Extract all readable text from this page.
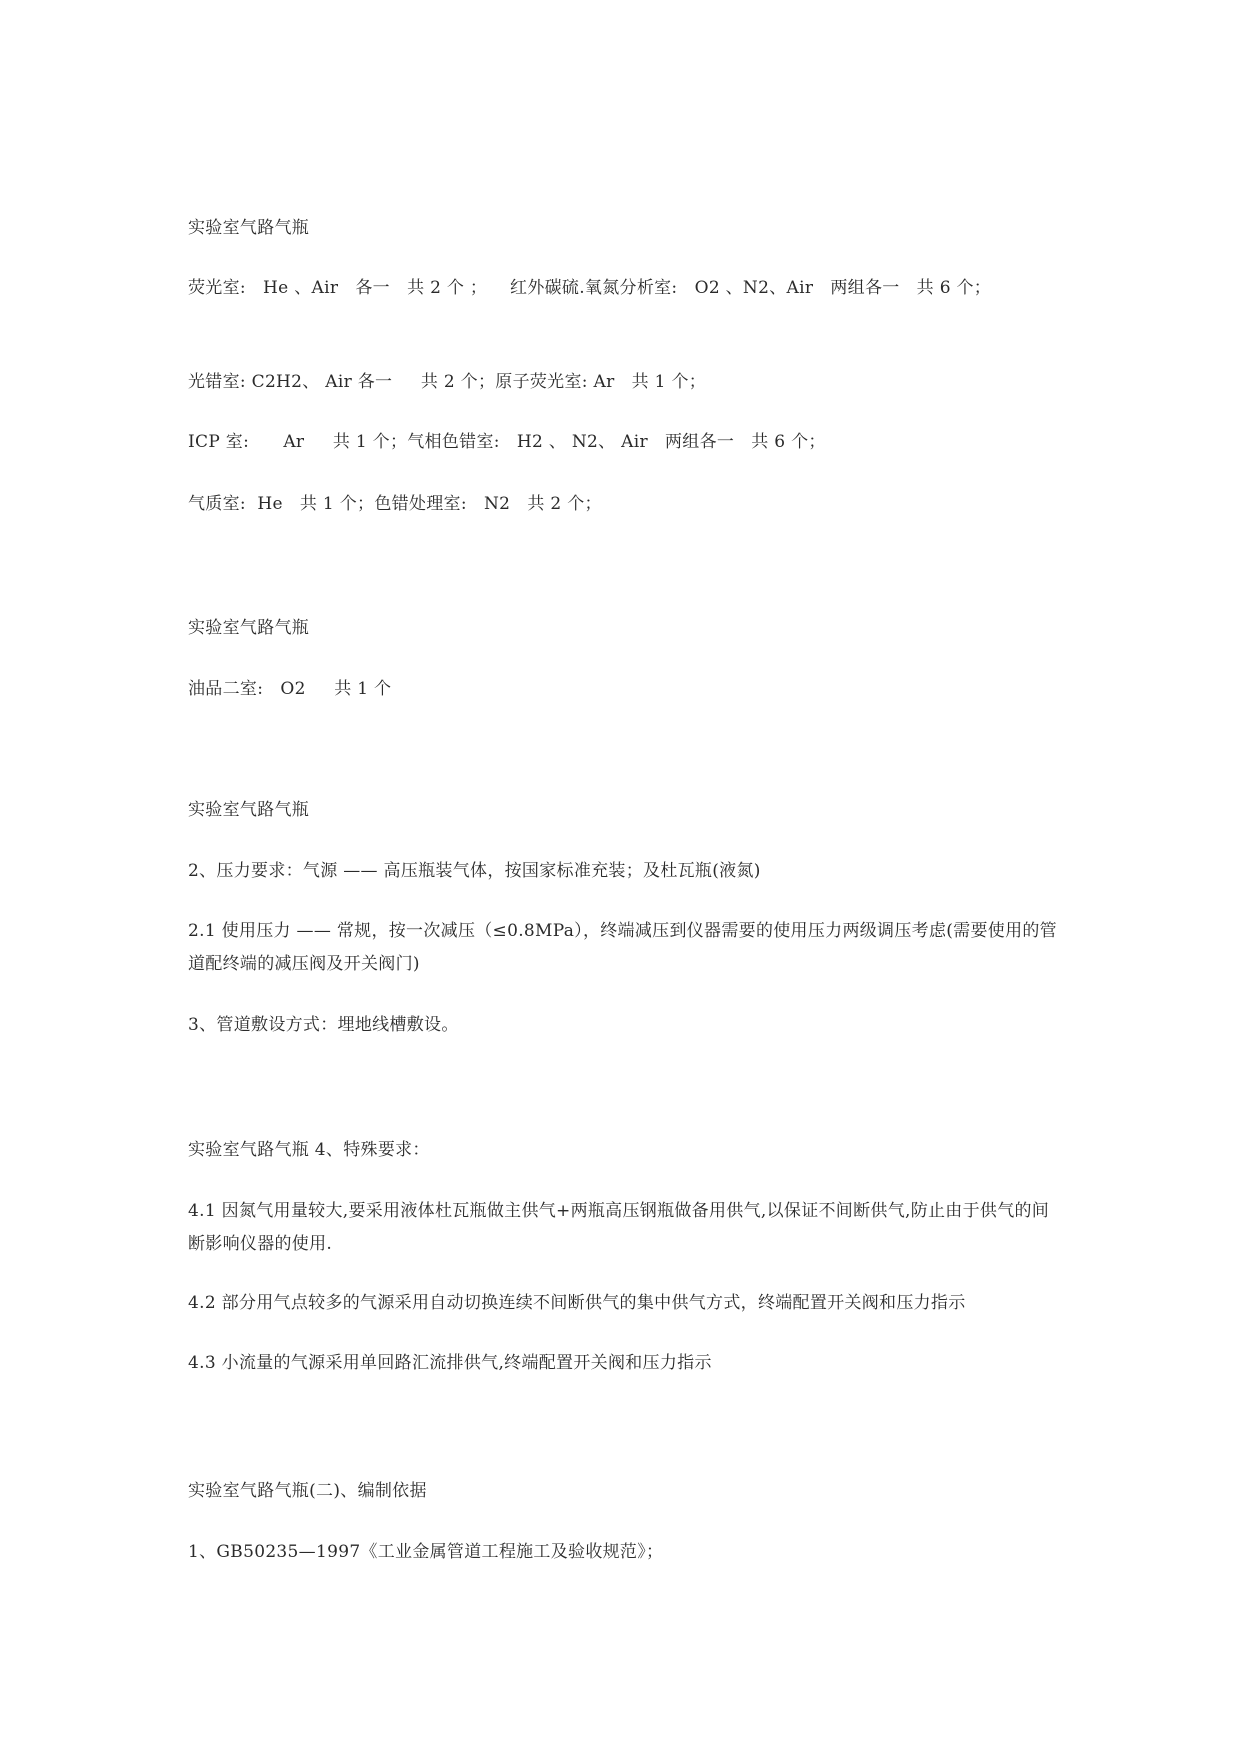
实验室气路气瓶
荧光室:   He 、Air   各一   共 2 个 ；    红外碳硫.氧氮分析室:   O2 、N2、Air   两组各一   共 6 个；
光错室: C2H2、 Air 各一     共 2 个；原子荧光室: Ar   共 1 个；
ICP 室:      Ar     共 1 个；气相色错室:   H2 、 N2、 Air   两组各一   共 6 个；
气质室:  He   共 1 个；色错处理室:   N2   共 2 个；
实验室气路气瓶
油品二室:   O2     共 1 个
实验室气路气瓶
2、压力要求：气源 —— 高压瓶装气体，按国家标准充装；及杜瓦瓶(液氮)
2.1 使用压力 —— 常规，按一次减压（≤0.8MPa），终端减压到仪器需要的使用压力两级调压考虑(需要使用的管道配终端的减压阀及开关阀门)
3、管道敷设方式：埋地线槽敷设。
实验室气路气瓶 4、特殊要求：
4.1 因氮气用量较大,要采用液体杜瓦瓶做主供气+两瓶高压钢瓶做备用供气,以保证不间断供气,防止由于供气的间断影响仪器的使用.
4.2 部分用气点较多的气源采用自动切换连续不间断供气的集中供气方式，终端配置开关阀和压力指示
4.3 小流量的气源采用单回路汇流排供气,终端配置开关阀和压力指示
实验室气路气瓶(二)、编制依据
1、GB50235—1997《工业金属管道工程施工及验收规范》；
